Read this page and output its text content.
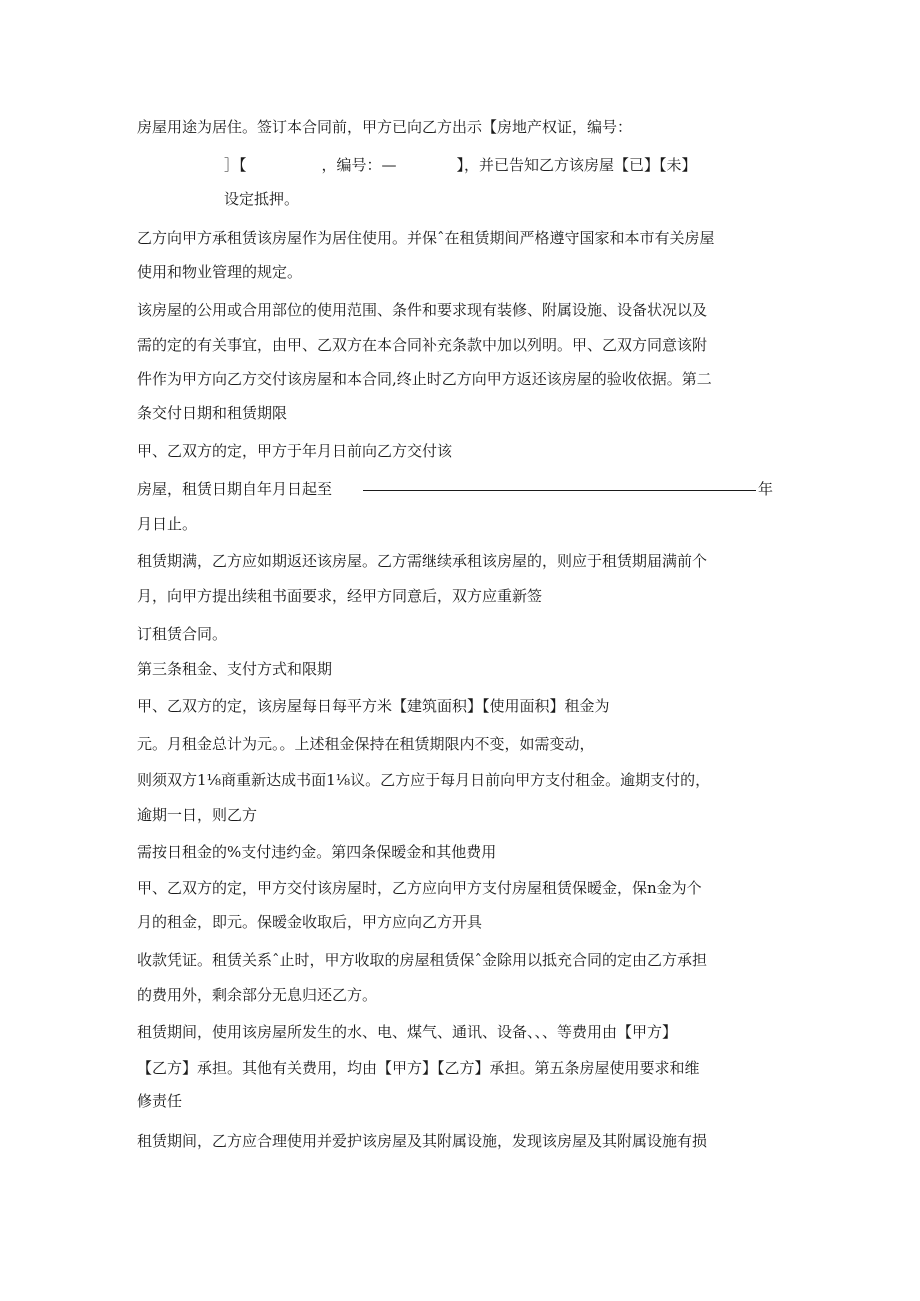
房屋用途为居住。签订本合同前，甲方已向乙方出示【房地产权证，编号：
］【　　　　　，编号：—　　　　】，并已告知乙方该房屋【已】【未】
设定抵押。
乙方向甲方承租赁该房屋作为居住使用。并保ˆ在租赁期间严格遵守国家和本市有关房屋
使用和物业管理的规定。
该房屋的公用或合用部位的使用范围、条件和要求现有装修、附属设施、设备状况以及
需的定的有关事宜，由甲、乙双方在本合同补充条款中加以列明。甲、乙双方同意该附
件作为甲方向乙方交付该房屋和本合同,终止时乙方向甲方返还该房屋的验收依据。第二
条交付日期和租赁期限
甲、乙双方的定，甲方于年月日前向乙方交付该
房屋，租赁日期自年月日起至	年
月日止。
租赁期满，乙方应如期返还该房屋。乙方需继续承租该房屋的，则应于租赁期届满前个
月，向甲方提出续租书面要求，经甲方同意后，双方应重新签
订租赁合同。
第三条租金、支付方式和限期
甲、乙双方的定，该房屋每日每平方米【建筑面积】【使用面积】租金为
元。月租金总计为元。。上述租金保持在租赁期限内不变，如需变动，
则须双方1⅛商重新达成书面1⅛议。乙方应于每月日前向甲方支付租金。逾期支付的，
逾期一日，则乙方
需按日租金的%支付违约金。第四条保暧金和其他费用
甲、乙双方的定，甲方交付该房屋时，乙方应向甲方支付房屋租赁保暧金，保n金为个
月的租金，即元。保暧金收取后，甲方应向乙方开具
收款凭证。租赁关系ˆ止时，甲方收取的房屋租赁保ˆ金除用以抵充合同的定由乙方承担
的费用外，剩余部分无息归还乙方。
租赁期间，使用该房屋所发生的水、电、煤气、通讯、设备、、、等费用由【甲方】
【乙方】承担。其他有关费用，均由【甲方】【乙方】承担。第五条房屋使用要求和维
修责任
租赁期间，乙方应合理使用并爱护该房屋及其附属设施，发现该房屋及其附属设施有损
